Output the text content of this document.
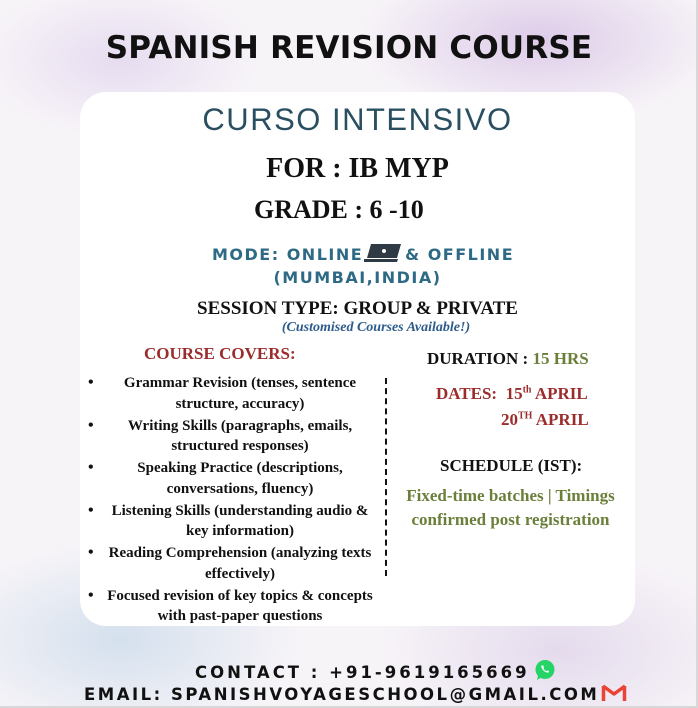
SPANISH REVISION COURSE
CURSO INTENSIVO
FOR : IB MYP
GRADE : 6 -10
MODE: ONLINE	& OFFLINE
(MUMBAI,INDIA)
SESSION TYPE: GROUP & PRIVATE
(Customised Courses Available!)
COURSE COVERS:
• Grammar Revision (tenses, sentence structure, accuracy)
• Writing Skills (paragraphs, emails, structured responses)
• Speaking Practice (descriptions, conversations, fluency)
• Listening Skills (understanding audio & key information)
• Reading Comprehension (analyzing texts effectively)
• Focused revision of key topics & concepts with past-paper questions
DURATION : 15 HRS
DATES: 15th APRIL
20TH APRIL
SCHEDULE (IST):
Fixed-time batches | Timings confirmed post registration
CONTACT : +91-9619165669
EMAIL: SPANISHVOYAGESCHOOL@GMAIL.COM
